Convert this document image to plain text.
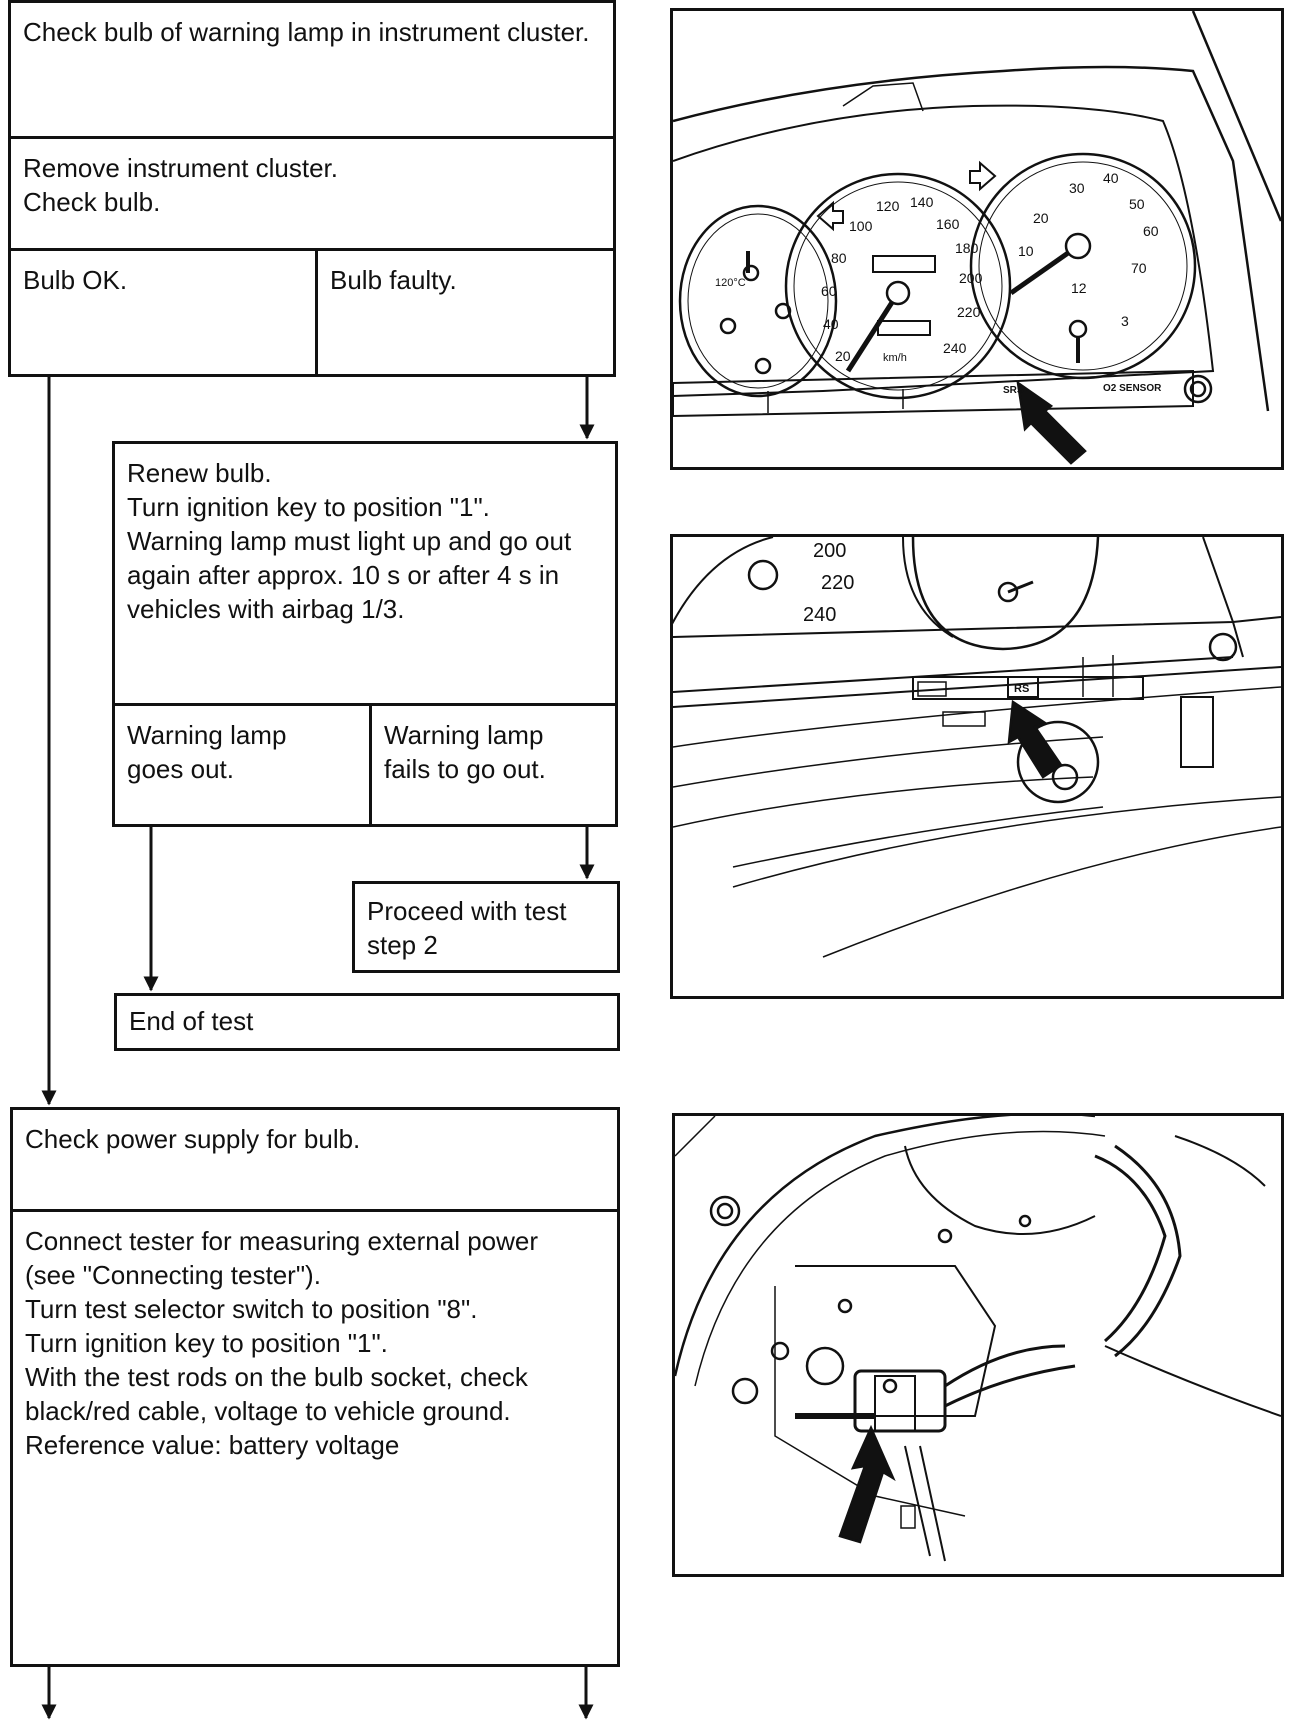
Check bulb of warning lamp in instrument cluster.
Remove instrument cluster.
Check bulb.
Bulb OK.	Bulb faulty.
Renew bulb.
Turn ignition key to position "1".
Warning lamp must light up and go out again after approx. 10 s or after 4 s in vehicles with airbag 1/3.
Warning lamp
goes out.
Warning lamp
fails to go out.
Proceed with test
step 2
End of test
Check power supply for bulb.
Connect tester for measuring external power (see "Connecting tester").
Turn test selector switch to position "8".
Turn ignition key to position "1".
With the test rods on the bulb socket, check black/red cable, voltage to vehicle ground.
Reference value: battery voltage
120 140
100	160
80
180
60
200
40
220
20	240
km/h
30
40
50
20
60
10
70
12
3
120°C
SRS	O2 SENSOR
200
220
240
RS
